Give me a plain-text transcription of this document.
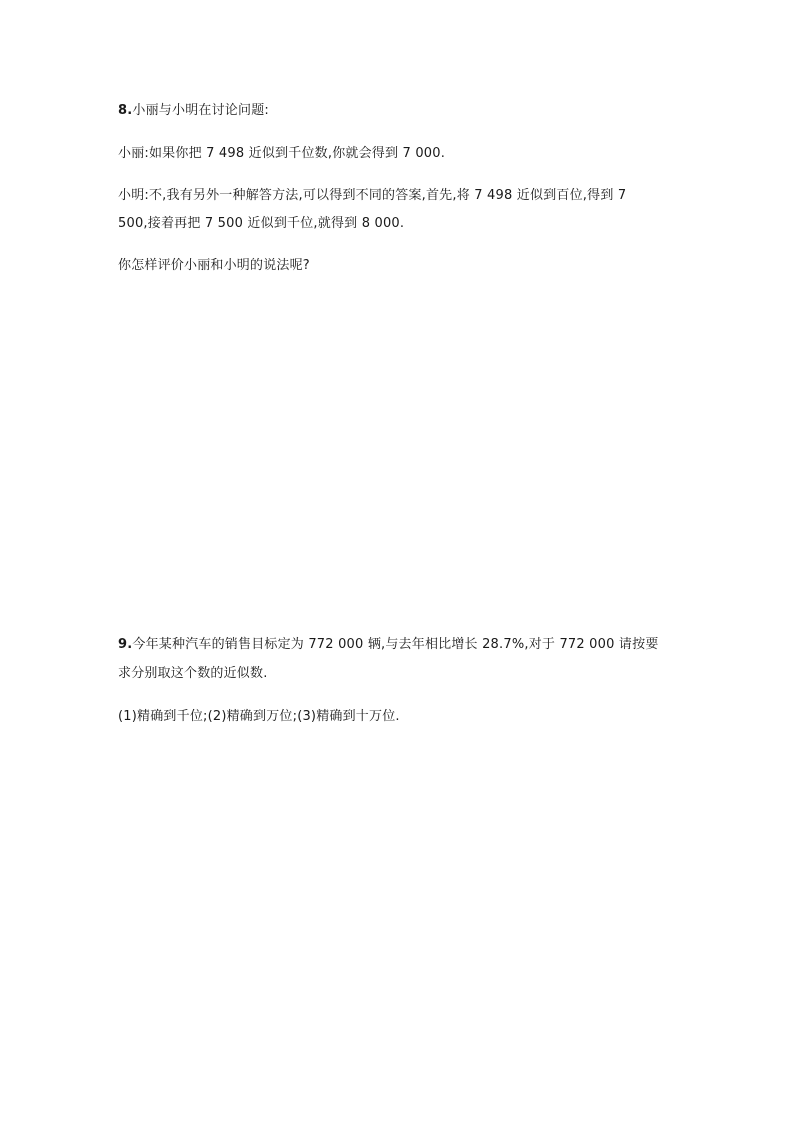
8.小丽与小明在讨论问题:
小丽:如果你把 7 498 近似到千位数,你就会得到 7 000.
小明:不,我有另外一种解答方法,可以得到不同的答案,首先,将 7 498 近似到百位,得到 7
500,接着再把 7 500 近似到千位,就得到 8 000.
你怎样评价小丽和小明的说法呢?
9.今年某种汽车的销售目标定为 772 000 辆,与去年相比增长 28.7%,对于 772 000 请按要
求分别取这个数的近似数.
(1)精确到千位;(2)精确到万位;(3)精确到十万位.
